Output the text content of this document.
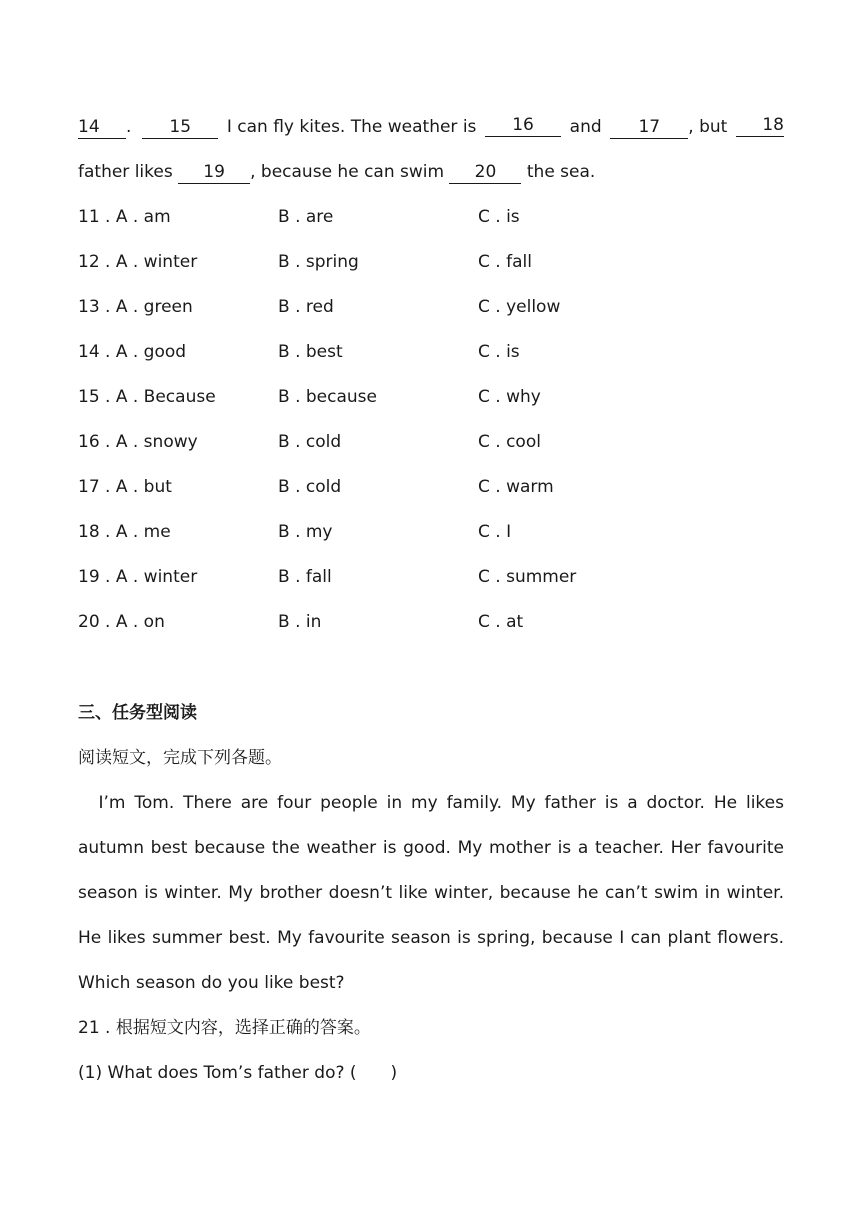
14 . 15	I can fly kites. The weather is	16	and	17 , but	18
father likes 19 , because he can swim 20 the sea.
11 . A . am	B . are	C . is
12 . A . winter	B . spring	C . fall
13 . A . green	B . red	C . yellow
14 . A . good	B . best	C . is
15 . A . Because	B . because	C . why
16 . A . snowy	B . cold	C . cool
17 . A . but	B . cold	C . warm
18 . A . me	B . my	C . I
19 . A . winter	B . fall	C . summer
20 . A . on	B . in	C . at
三、任务型阅读
阅读短文，完成下列各题。
　I’m Tom. There are four people in my family. My father is a doctor. He likes
autumn best because the weather is good. My mother is a teacher. Her favourite
season is winter. My brother doesn’t like winter, because he can’t swim in winter.
He likes summer best. My favourite season is spring, because I can plant flowers.
Which season do you like best?
21 . 根据短文内容，选择正确的答案。
(1) What does Tom’s father do? (　　)
